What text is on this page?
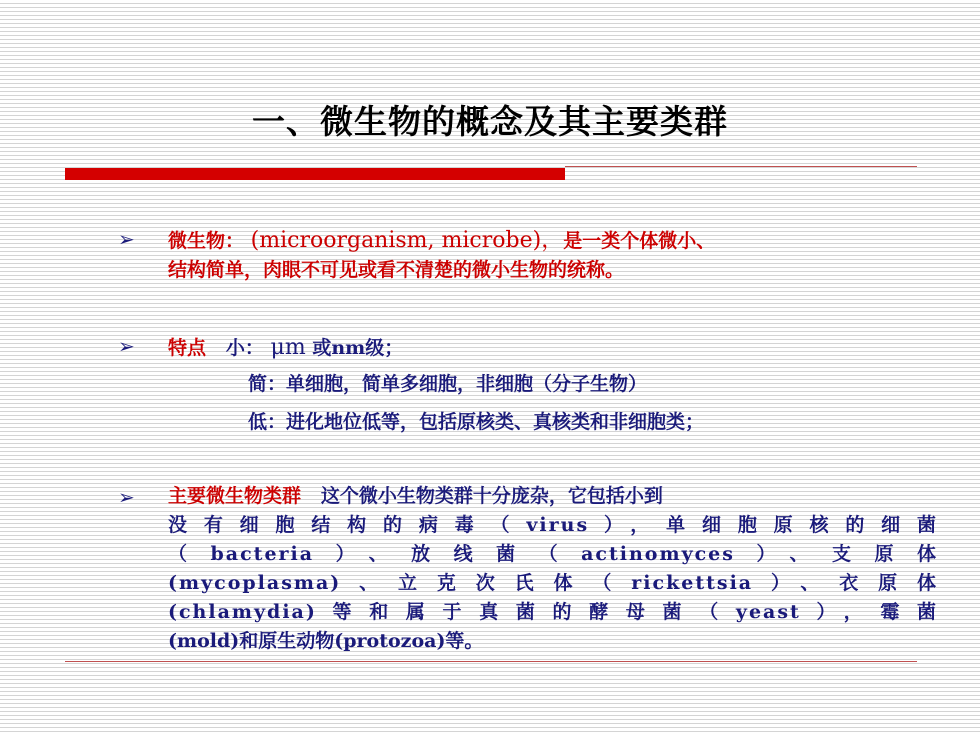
一、微生物的概念及其主要类群
➢ 微生物： (microorganism, microbe)，是一类个体微小、
结构简单，肉眼不可见或看不清楚的微小生物的统称。
➢ 特点 小： μm 或nm级；
简：单细胞，简单多细胞，非细胞（分子生物）
低：进化地位低等，包括原核类、真核类和非细胞类；
➢ 主要微生物类群 这个微小生物类群十分庞杂，它包括小到
没有细胞结构的病毒（virus），单细胞原核的细菌
（bacteria）、放线菌（actinomyces）、支原体
(mycoplasma)、立克次氏体（rickettsia）、衣原体
(chlamydia)等和属于真菌的酵母菌（yeast），霉菌
(mold)和原生动物(protozoa)等。
